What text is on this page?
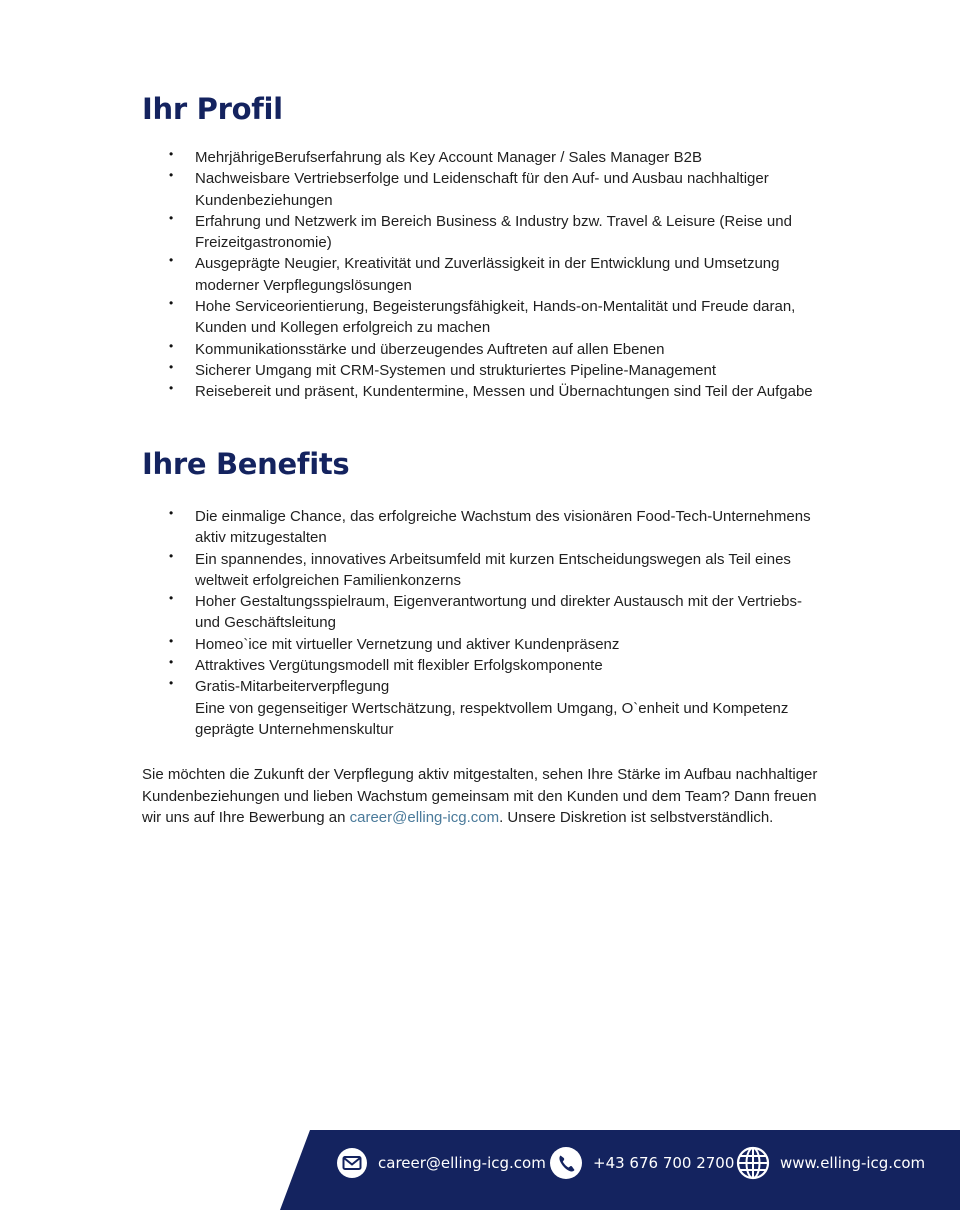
Ihr Profil
• MehrjährigeBerufserfahrung als Key Account Manager / Sales Manager B2B
• Nachweisbare Vertriebserfolge und Leidenschaft für den Auf- und Ausbau nachhaltiger Kundenbeziehungen
• Erfahrung und Netzwerk im Bereich Business & Industry bzw. Travel & Leisure (Reise und Freizeitgastronomie)
• Ausgeprägte Neugier, Kreativität und Zuverlässigkeit in der Entwicklung und Umsetzung moderner Verpflegungslösungen
• Hohe Serviceorientierung, Begeisterungsfähigkeit, Hands-on-Mentalität und Freude daran, Kunden und Kollegen erfolgreich zu machen
• Kommunikationsstärke und überzeugendes Auftreten auf allen Ebenen
• Sicherer Umgang mit CRM-Systemen und strukturiertes Pipeline-Management
• Reisebereit und präsent, Kundentermine, Messen und Übernachtungen sind Teil der Aufgabe
Ihre Benefits
• Die einmalige Chance, das erfolgreiche Wachstum des visionären Food-Tech-Unternehmens aktiv mitzugestalten
• Ein spannendes, innovatives Arbeitsumfeld mit kurzen Entscheidungswegen als Teil eines weltweit erfolgreichen Familienkonzerns
• Hoher Gestaltungsspielraum, Eigenverantwortung und direkter Austausch mit der Vertriebs- und Geschäftsleitung
• Homeo`ice mit virtueller Vernetzung und aktiver Kundenpräsenz
• Attraktives Vergütungsmodell mit flexibler Erfolgskomponente
• Gratis-Mitarbeiterverpflegung
Eine von gegenseitiger Wertschätzung, respektvollem Umgang, O`enheit und Kompetenz geprägte Unternehmenskultur

Sie möchten die Zukunft der Verpflegung aktiv mitgestalten, sehen Ihre Stärke im Aufbau nachhaltiger Kundenbeziehungen und lieben Wachstum gemeinsam mit den Kunden und dem Team? Dann freuen wir uns auf Ihre Bewerbung an career@elling-icg.com. Unsere Diskretion ist selbstverständlich.

career@elling-icg.com	+43 676 700 2700	www.elling-icg.com
